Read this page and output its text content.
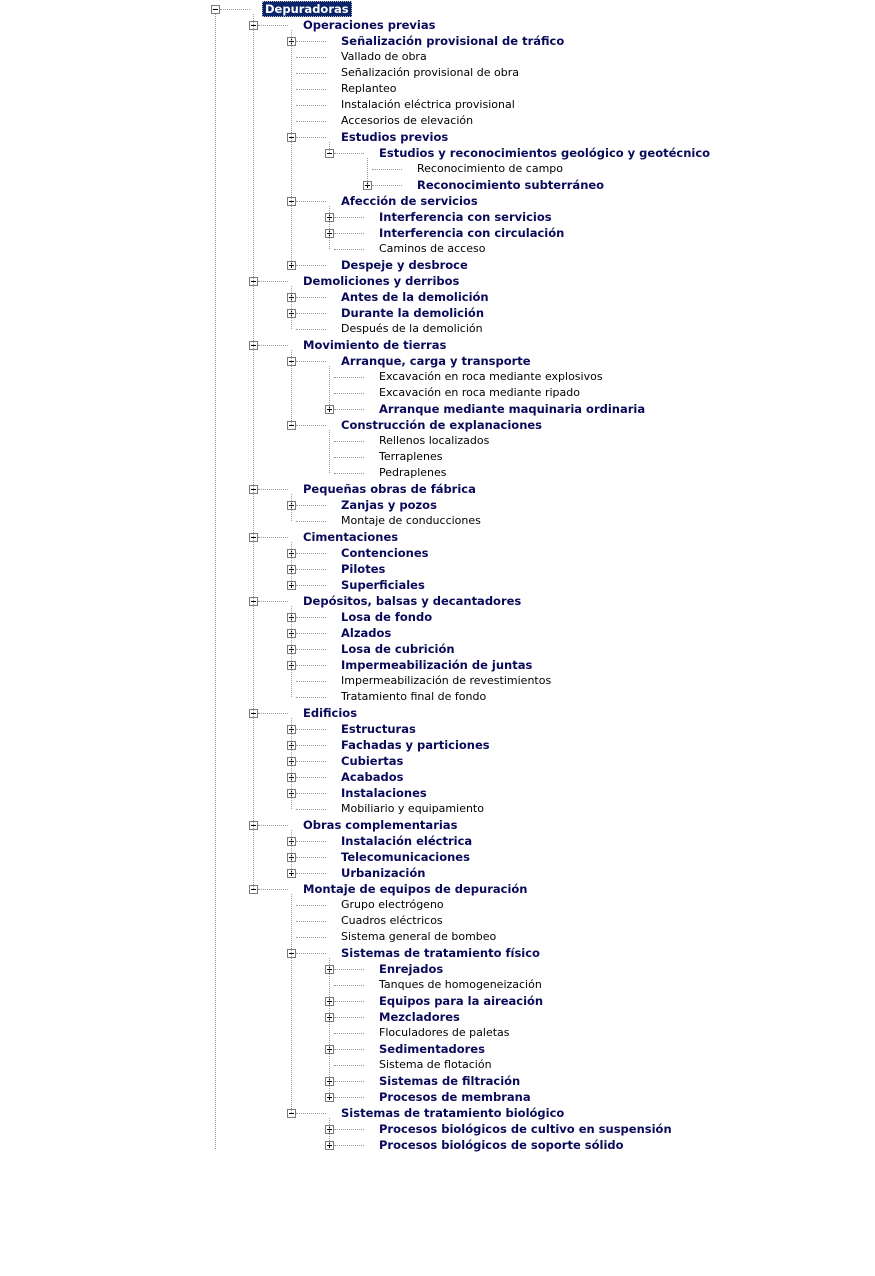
Depuradoras
Operaciones previas
Señalización provisional de tráfico
Vallado de obra
Señalización provisional de obra
Replanteo
Instalación eléctrica provisional
Accesorios de elevación
Estudios previos
Estudios y reconocimientos geológico y geotécnico
Reconocimiento de campo
Reconocimiento subterráneo
Afección de servicios
Interferencia con servicios
Interferencia con circulación
Caminos de acceso
Despeje y desbroce
Demoliciones y derribos
Antes de la demolición
Durante la demolición
Después de la demolición
Movimiento de tierras
Arranque, carga y transporte
Excavación en roca mediante explosivos
Excavación en roca mediante ripado
Arranque mediante maquinaria ordinaria
Construcción de explanaciones
Rellenos localizados
Terraplenes
Pedraplenes
Pequeñas obras de fábrica
Zanjas y pozos
Montaje de conducciones
Cimentaciones
Contenciones
Pilotes
Superficiales
Depósitos, balsas y decantadores
Losa de fondo
Alzados
Losa de cubrición
Impermeabilización de juntas
Impermeabilización de revestimientos
Tratamiento final de fondo
Edificios
Estructuras
Fachadas y particiones
Cubiertas
Acabados
Instalaciones
Mobiliario y equipamiento
Obras complementarias
Instalación eléctrica
Telecomunicaciones
Urbanización
Montaje de equipos de depuración
Grupo electrógeno
Cuadros eléctricos
Sistema general de bombeo
Sistemas de tratamiento físico
Enrejados
Tanques de homogeneización
Equipos para la aireación
Mezcladores
Floculadores de paletas
Sedimentadores
Sistema de flotación
Sistemas de filtración
Procesos de membrana
Sistemas de tratamiento biológico
Procesos biológicos de cultivo en suspensión
Procesos biológicos de soporte sólido
